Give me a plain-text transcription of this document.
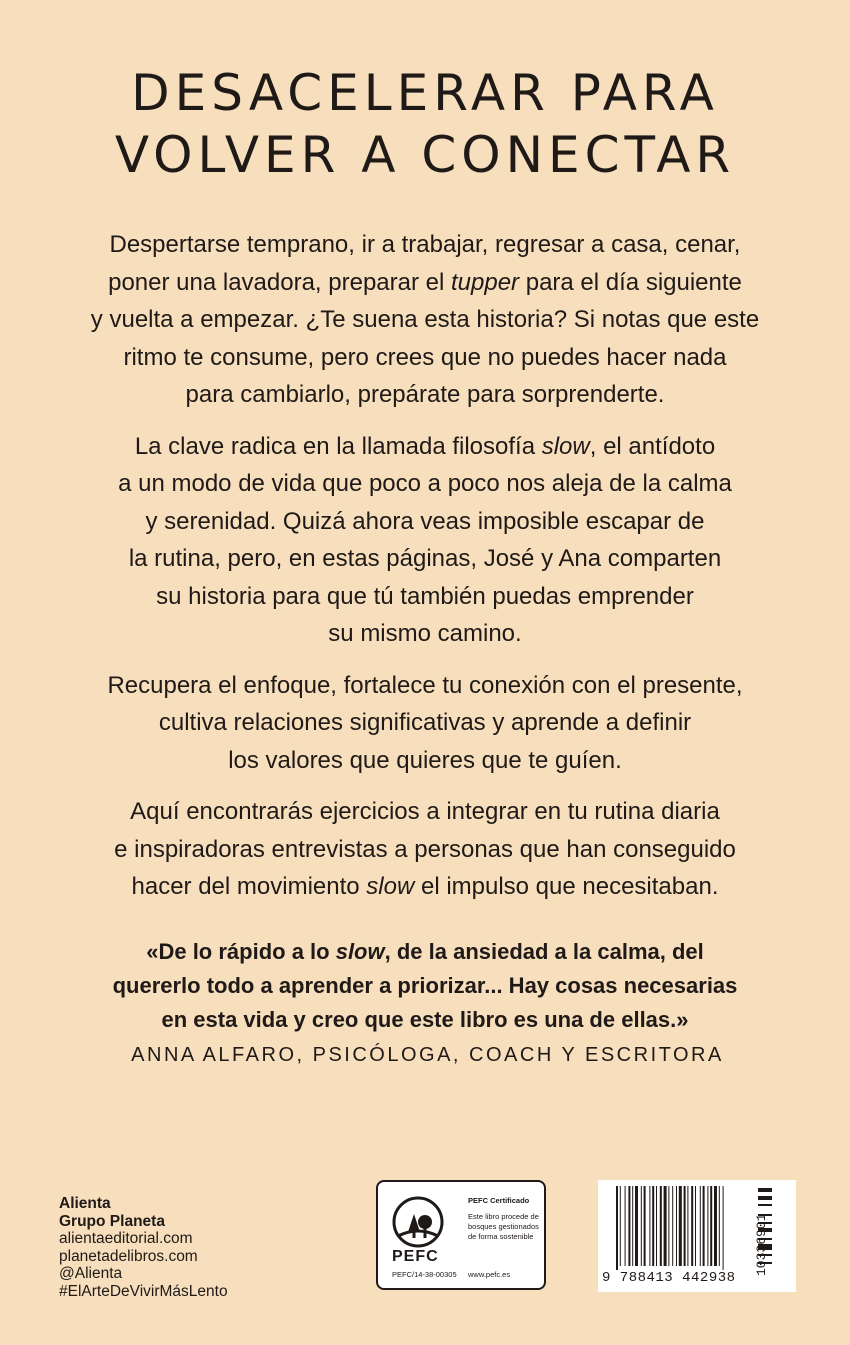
DESACELERAR PARA
VOLVER A CONECTAR

Despertarse temprano, ir a trabajar, regresar a casa, cenar,
poner una lavadora, preparar el tupper para el día siguiente
y vuelta a empezar. ¿Te suena esta historia? Si notas que este
ritmo te consume, pero crees que no puedes hacer nada
para cambiarlo, prepárate para sorprenderte.

La clave radica en la llamada filosofía slow, el antídoto
a un modo de vida que poco a poco nos aleja de la calma
y serenidad. Quizá ahora veas imposible escapar de
la rutina, pero, en estas páginas, José y Ana comparten
su historia para que tú también puedas emprender
su mismo camino.

Recupera el enfoque, fortalece tu conexión con el presente,
cultiva relaciones significativas y aprende a definir
los valores que quieres que te guíen.

Aquí encontrarás ejercicios a integrar en tu rutina diaria
e inspiradoras entrevistas a personas que han conseguido
hacer del movimiento slow el impulso que necesitaban.

«De lo rápido a lo slow, de la ansiedad a la calma, del
quererlo todo a aprender a priorizar... Hay cosas necesarias
en esta vida y creo que este libro es una de ellas.»

ANNA ALFARO, PSICÓLOGA, COACH Y ESCRITORA

Alienta
Grupo Planeta
alientaeditorial.com
planetadelibros.com
@Alienta
#ElArteDeVivirMásLento
PEFC
PEFC/14-38-00305
PEFC Certificado
Este libro procede de bosques gestionados de forma sostenible
www.pefc.es	9 788413 442938
10336901
